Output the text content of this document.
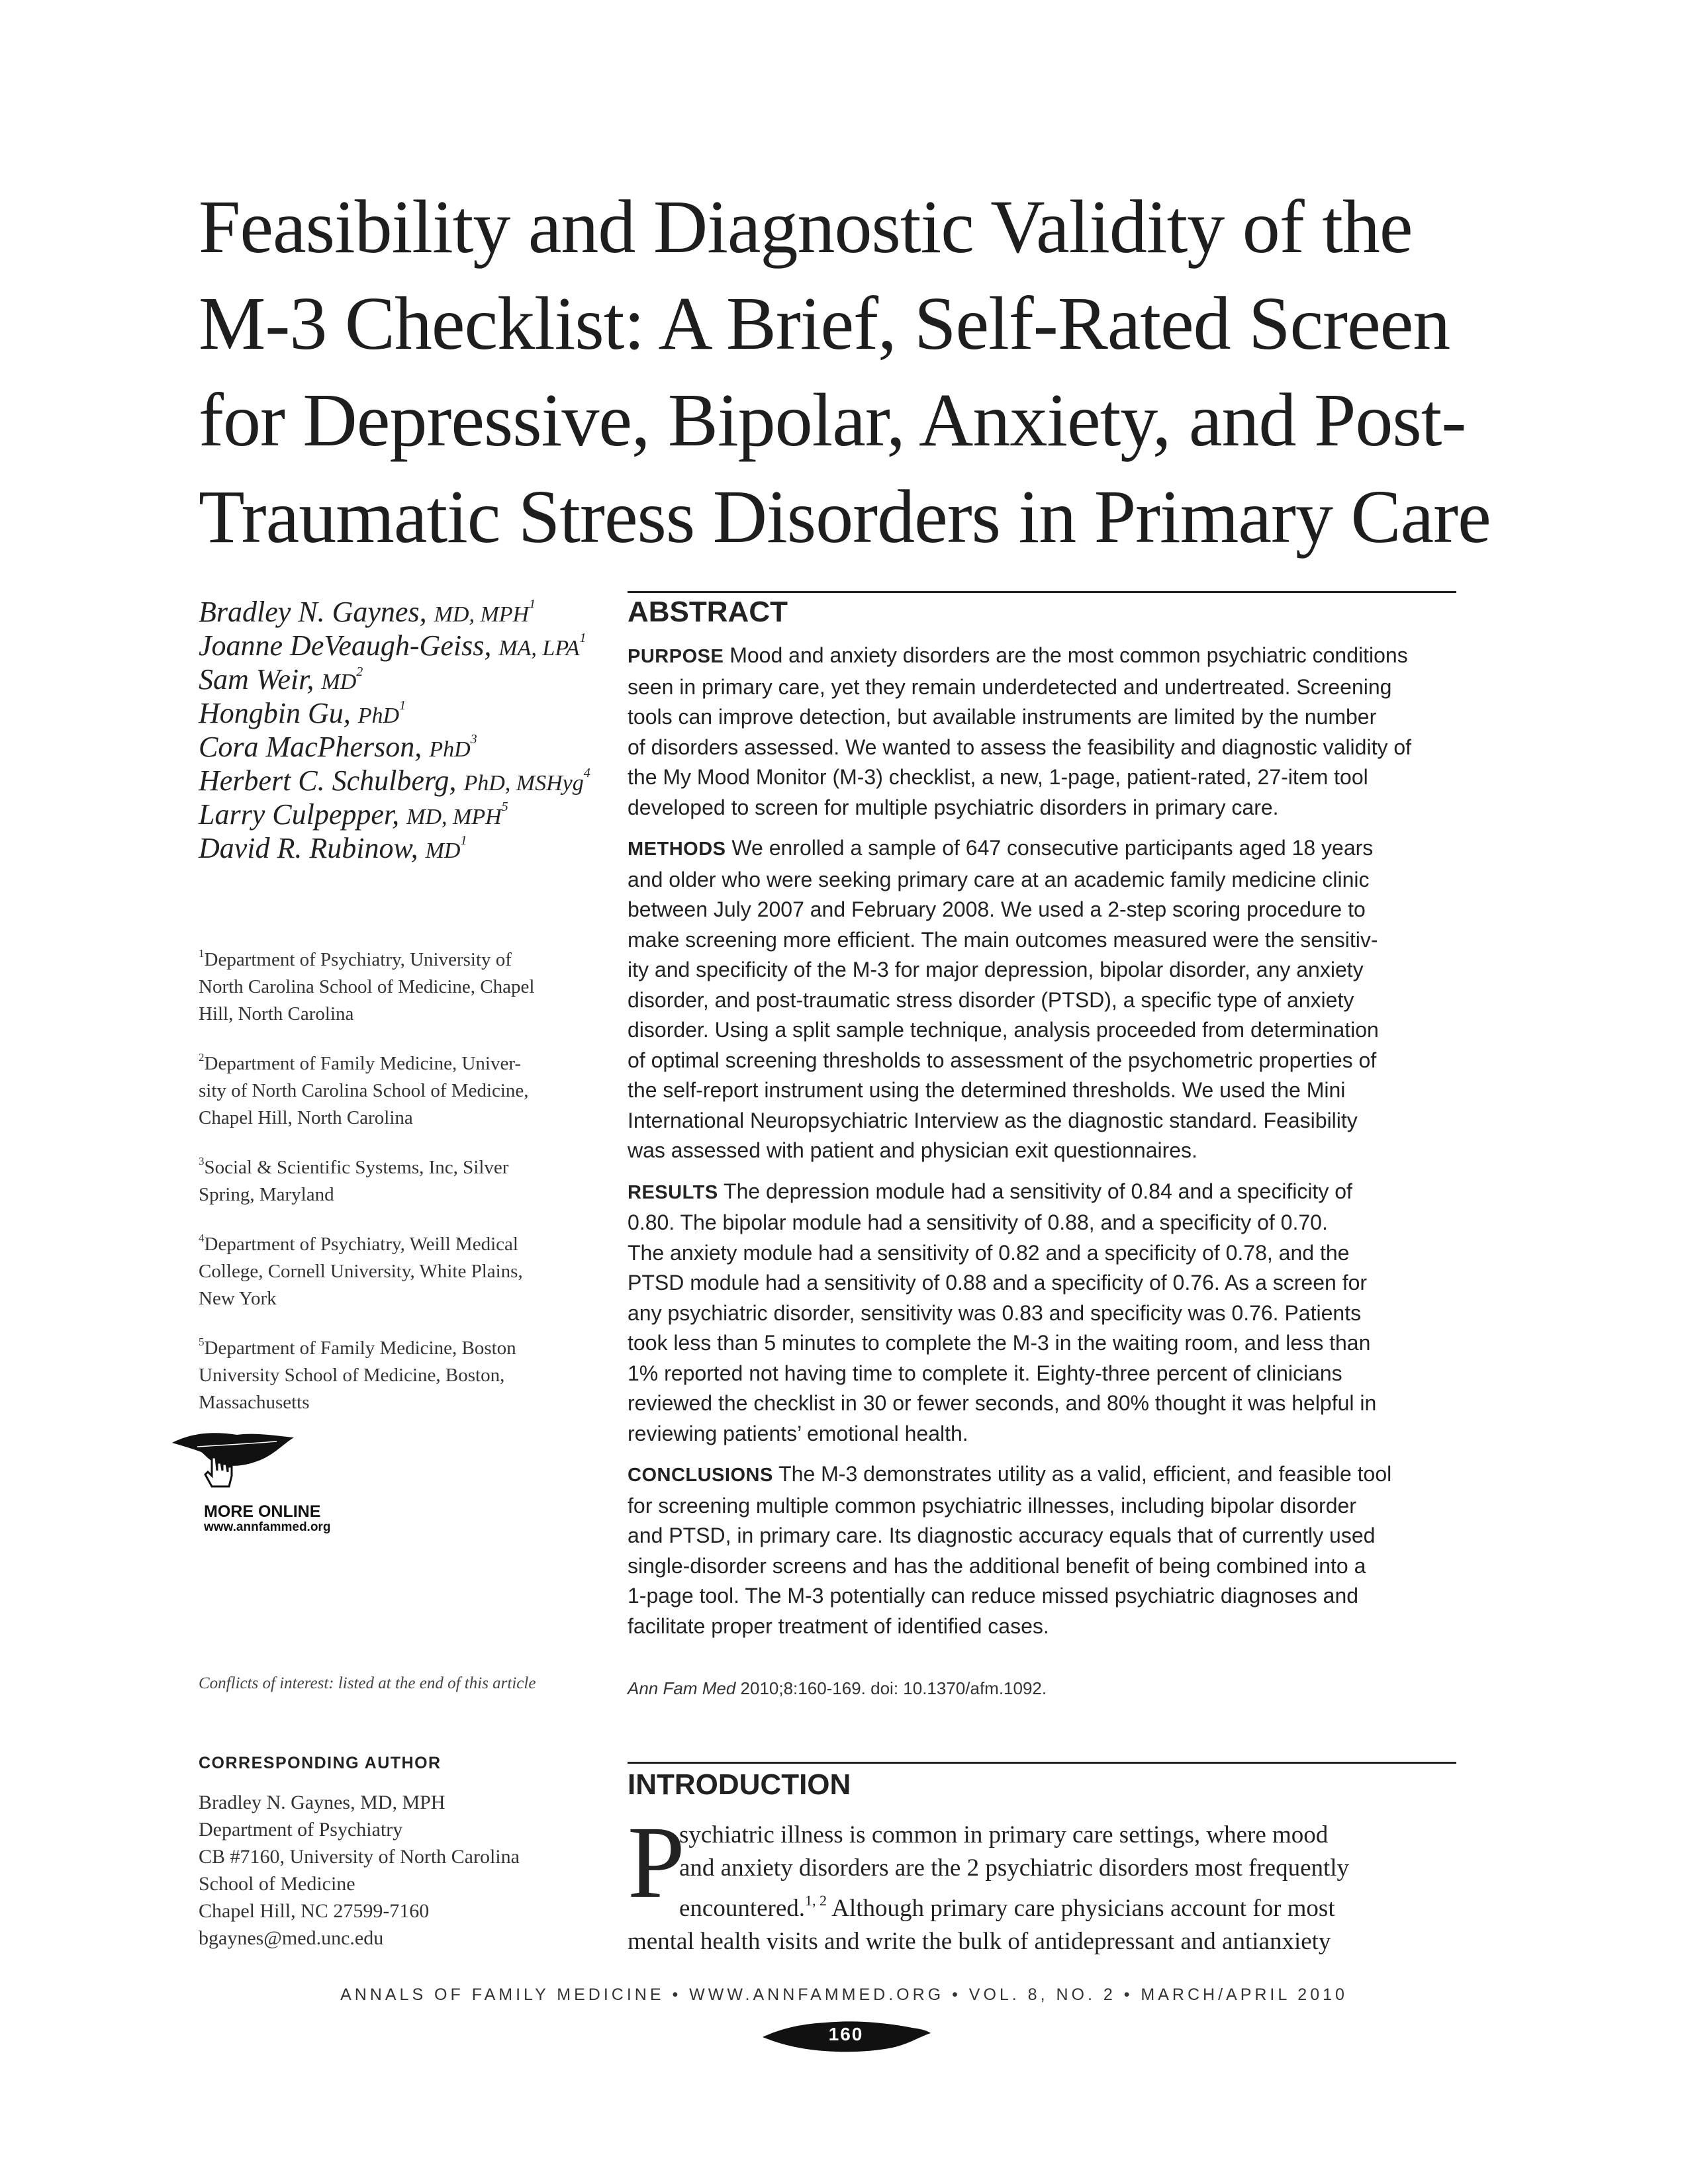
Feasibility and Diagnostic Validity of the
M-3 Checklist: A Brief, Self-Rated Screen
for Depressive, Bipolar, Anxiety, and Post-
Traumatic Stress Disorders in Primary Care
Bradley N. Gaynes, MD, MPH$^1$
Joanne DeVeaugh-Geiss, MA, LPA$^1$
Sam Weir, $MD^2$
Hongbin Gu, PhD$^1$
Cora MacPherson, PhD$^3$
Herbert C. Schulberg, PhD, MSHyg$^4$
Larry Culpepper, MD, MPH$^5$
David R. Rubinow, $MD^1$
$^1$Department of Psychiatry, University of
North Carolina School of Medicine, Chapel
Hill, North Carolina
$^2$Department of Family Medicine, Univer-
sity of North Carolina School of Medicine,
Chapel Hill, North Carolina
$^3$Social & Scientific Systems, Inc, Silver
Spring, Maryland
$^4$Department of Psychiatry, Weill Medical
College, Cornell University, White Plains,
New York
$^5$Department of Family Medicine, Boston
University School of Medicine, Boston,
Massachusetts
MORE ONLINE
www.annfammed.org
Conflicts of interest: listed at the end of this article
CORRESPONDING AUTHOR
Bradley N. Gaynes, MD, MPH
Department of Psychiatry
CB #7160, University of North Carolina
School of Medicine
Chapel Hill, NC 27599-7160
bgaynes@med.unc.edu
ABSTRACT
PURPOSE Mood and anxiety disorders are the most common psychiatric conditions
seen in primary care, yet they remain underdetected and undertreated. Screening
tools can improve detection, but available instruments are limited by the number
of disorders assessed. We wanted to assess the feasibility and diagnostic validity of
the My Mood Monitor (M-3) checklist, a new, 1-page, patient-rated, 27-item tool
developed to screen for multiple psychiatric disorders in primary care.
METHODS We enrolled a sample of 647 consecutive participants aged 18 years
and older who were seeking primary care at an academic family medicine clinic
between July 2007 and February 2008. We used a 2-step scoring procedure to
make screening more efficient. The main outcomes measured were the sensitiv-
ity and specificity of the M-3 for major depression, bipolar disorder, any anxiety
disorder, and post-traumatic stress disorder (PTSD), a specific type of anxiety
disorder. Using a split sample technique, analysis proceeded from determination
of optimal screening thresholds to assessment of the psychometric properties of
the self-report instrument using the determined thresholds. We used the Mini
International Neuropsychiatric Interview as the diagnostic standard. Feasibility
was assessed with patient and physician exit questionnaires.
RESULTS The depression module had a sensitivity of 0.84 and a specificity of
0.80. The bipolar module had a sensitivity of 0.88, and a specificity of 0.70.
The anxiety module had a sensitivity of 0.82 and a specificity of 0.78, and the
PTSD module had a sensitivity of 0.88 and a specificity of 0.76. As a screen for
any psychiatric disorder, sensitivity was 0.83 and specificity was 0.76. Patients
took less than 5 minutes to complete the M-3 in the waiting room, and less than
1% reported not having time to complete it. Eighty-three percent of clinicians
reviewed the checklist in 30 or fewer seconds, and 80% thought it was helpful in
reviewing patients’ emotional health.
CONCLUSIONS The M-3 demonstrates utility as a valid, efficient, and feasible tool
for screening multiple common psychiatric illnesses, including bipolar disorder
and PTSD, in primary care. Its diagnostic accuracy equals that of currently used
single-disorder screens and has the additional benefit of being combined into a
1-page tool. The M-3 potentially can reduce missed psychiatric diagnoses and
facilitate proper treatment of identified cases.
Ann Fam Med 2010;8:160-169. doi: 10.1370/afm.1092.
INTRODUCTION
P
sychiatric illness is common in primary care settings, where mood
and anxiety disorders are the 2 psychiatric disorders most frequently
encountered.$^{1, 2}$ Although primary care physicians account for most
mental health visits and write the bulk of antidepressant and antianxiety
ANNALS OF FAMILY MEDICINE • WWW.ANNFAMMED.ORG • VOL. 8, NO. 2 • MARCH/APRIL 2010
160
